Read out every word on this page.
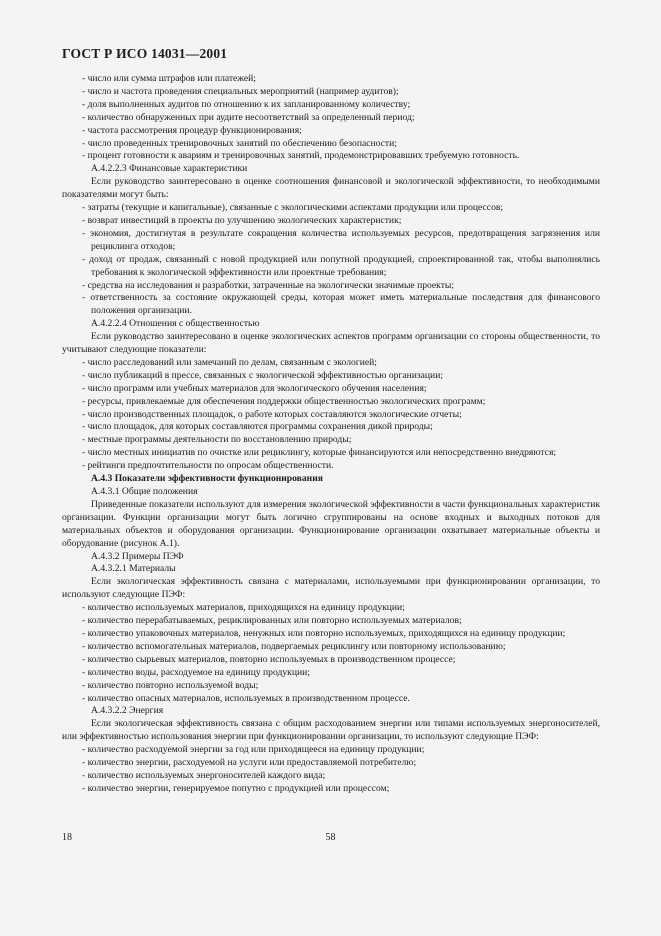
ГОСТ Р ИСО 14031—2001

- число или сумма штрафов или платежей;

- число и частота проведения специальных мероприятий (например аудитов);

- доля выполненных аудитов по отношению к их запланированному количеству;

- количество обнаруженных при аудите несоответствий за определенный период;

- частота рассмотрения процедур функционирования;

- число проведенных тренировочных занятий по обеспечению безопасности;

- процент готовности к авариям и тренировочных занятий, продемонстрировавших требуемую готовность.

А.4.2.2.3 Финансовые характеристики

Если руководство заинтересовано в оценке соотношения финансовой и экологической эффективности, то необходимыми показателями могут быть:

- затраты (текущие и капитальные), связанные с экологическими аспектами продукции или процессов;

- возврат инвестиций в проекты по улучшению экологических характеристик;

- экономия, достигнутая в результате сокращения количества используемых ресурсов, предотвращения загрязнения или рециклинга отходов;

- доход от продаж, связанный с новой продукцией или попутной продукцией, спроектированной так, чтобы выполнялись требования к экологической эффективности или проектные требования;

- средства на исследования и разработки, затраченные на экологически значимые проекты;

- ответственность за состояние окружающей среды, которая может иметь материальные последствия для финансового положения организации.

А.4.2.2.4 Отношения с общественностью

Если руководство заинтересовано в оценке экологических аспектов программ организации со стороны общественности, то учитывают следующие показатели:

- число расследований или замечаний по делам, связанным с экологией;

- число публикаций в прессе, связанных с экологической эффективностью организации;

- число программ или учебных материалов для экологического обучения населения;

- ресурсы, привлекаемые для обеспечения поддержки общественностью экологических программ;

- число производственных площадок, о работе которых составляются экологические отчеты;

- число площадок, для которых составляются программы сохранения дикой природы;

- местные программы деятельности по восстановлению природы;

- число местных инициатив по очистке или рециклингу, которые финансируются или непосредственно внедряются;

- рейтинги предпочтительности по опросам общественности.

А.4.3 Показатели эффективности функционирования

А.4.3.1 Общие положения

Приведенные показатели используют для измерения экологической эффективности в части функциональных характеристик организации. Функции организации могут быть логично сгруппированы на основе входных и выходных потоков для материальных объектов и оборудования организации. Функционирование организации охватывает материальные объекты и оборудование (рисунок А.1).

А.4.3.2 Примеры ПЭФ

А.4.3.2.1 Материалы

Если экологическая эффективность связана с материалами, используемыми при функционировании организации, то используют следующие ПЭФ:

- количество используемых материалов, приходящихся на единицу продукции;

- количество перерабатываемых, рециклированных или повторно используемых материалов;

- количество упаковочных материалов, ненужных или повторно используемых, приходящихся на единицу продукции;

- количество вспомогательных материалов, подвергаемых рециклингу или повторному использованию;

- количество сырьевых материалов, повторно используемых в производственном процессе;

- количество воды, расходуемое на единицу продукции;

- количество повторно используемой воды;

- количество опасных материалов, используемых в производственном процессе.

А.4.3.2.2 Энергия

Если экологическая эффективность связана с общим расходованием энергии или типами используемых энергоносителей, или эффективностью использования энергии при функционировании организации, то используют следующие ПЭФ:

- количество расходуемой энергии за год или приходящееся на единицу продукции;

- количество энергии, расходуемой на услуги или предоставляемой потребителю;

- количество используемых энергоносителей каждого вида;

- количество энергии, генерируемое попутно с продукцией или процессом;

18	58
